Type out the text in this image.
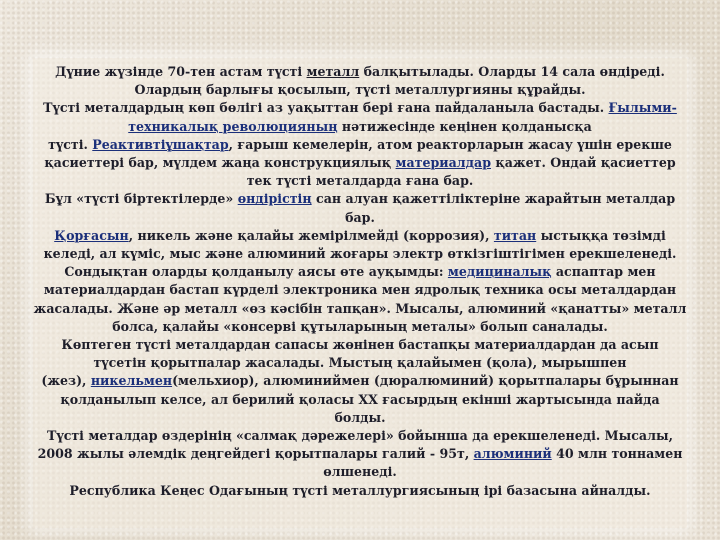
Дүние жүзінде 70-тен астам түсті металл балқытылады. Оларды 14 сала өндіреді.
Олардың барлығы қосылып, түсті металлургияны құрайды.
Түсті металдардың көп бөлігі аз уақыттан бері ғана пайдаланыла бастады. Ғылыми-
техникалық революцияның нәтижесінде кеңінен қолданысқа
түсті. Реактивтіұшақтар, ғарыш кемелерін, атом реакторларын жасау үшін ерекше
қасиеттері бар, мүлдем жаңа конструкциялық материалдар қажет. Ондай қасиеттер
тек түсті металдарда ғана бар.
Бұл «түсті біртектілерде» өндірістің сан алуан қажеттіліктеріне жарайтын металдар
бар.
Қорғасын, никель және қалайы жемірілмейді (коррозия), титан ыстыққа төзімді
келеді, ал күміс, мыс және алюминий жоғары электр өткізгіштігімен ерекшеленеді.
Сондықтан оларды қолданылу аясы өте ауқымды: медициналық аспаптар мен
материалдардан бастап күрделі электроника мен ядролық техника осы металдардан
жасалады. Және әр металл «өз кәсібін тапқан». Мысалы, алюминий «қанатты» металл
болса, қалайы «консерві құтыларының металы» болып саналады.
Көптеген түсті металдардан сапасы жөнінен бастапқы материалдардан да асып
түсетін қорытпалар жасалады. Мыстың қалайымен (қола), мырышпен
(жез), никельмен(мельхиор), алюминиймен (дюралюминий) қорытпалары бұрыннан
қолданылып келсе, ал берилий қоласы XX ғасырдың екінші жартысында пайда
болды.
Түсті металдар өздерінің «салмақ дәрежелері» бойынша да ерекшеленеді. Мысалы,
2008 жылы әлемдік деңгейдегі қорытпалары галий - 95т, алюминий 40 млн тоннамен
өлшенеді.
Республика Кеңес Одағының түсті металлургиясының ірі базасына айналды.
